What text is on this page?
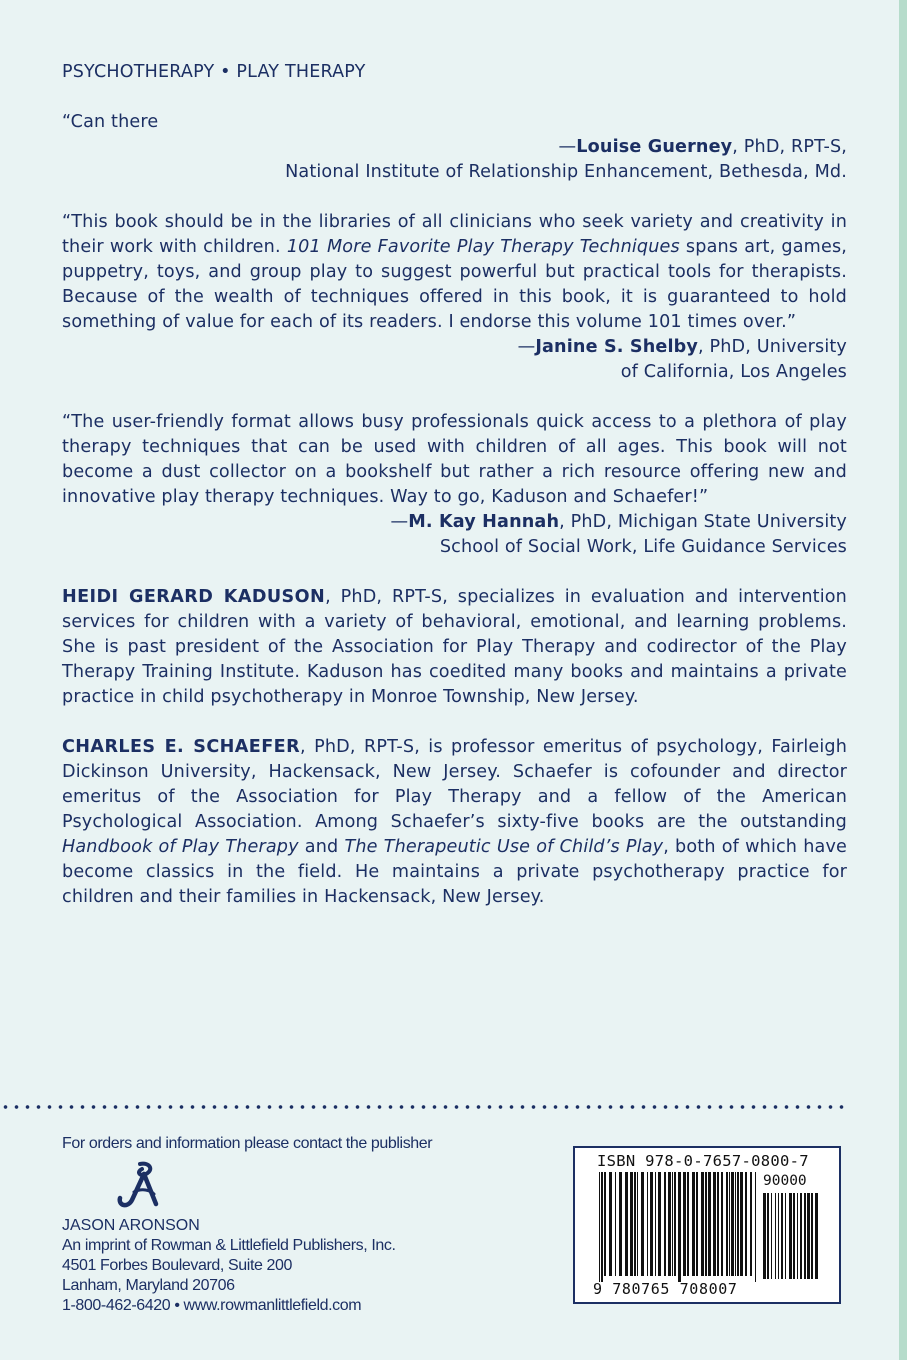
PSYCHOTHERAPY • PLAY THERAPY
“Can there
—Louise Guerney, PhD, RPT-S,
National Institute of Relationship Enhancement, Bethesda, Md.
“This book should be in the libraries of all clinicians who seek variety and creativity in their work with children. 101 More Favorite Play Therapy Techniques spans art, games, puppetry, toys, and group play to suggest powerful but practical tools for therapists. Because of the wealth of techniques offered in this book, it is guaranteed to hold something of value for each of its readers. I endorse this volume 101 times over.”
—Janine S. Shelby, PhD, University
of California, Los Angeles
“The user-friendly format allows busy professionals quick access to a plethora of play therapy techniques that can be used with children of all ages. This book will not become a dust collector on a bookshelf but rather a rich resource offering new and innovative play therapy techniques. Way to go, Kaduson and Schaefer!”
—M. Kay Hannah, PhD, Michigan State University
School of Social Work, Life Guidance Services
HEIDI GERARD KADUSON, PhD, RPT-S, specializes in evaluation and intervention services for children with a variety of behavioral, emotional, and learning problems. She is past president of the Association for Play Therapy and codirector of the Play Therapy Training Institute. Kaduson has coedited many books and maintains a private practice in child psychotherapy in Monroe Township, New Jersey.
CHARLES E. SCHAEFER, PhD, RPT-S, is professor emeritus of psychology, Fairleigh Dickinson University, Hackensack, New Jersey. Schaefer is cofounder and director emeritus of the Association for Play Therapy and a fellow of the American Psychological Association. Among Schaefer’s sixty-five books are the outstanding Handbook of Play Therapy and The Therapeutic Use of Child’s Play, both of which have become classics in the field. He maintains a private psychotherapy practice for children and their families in Hackensack, New Jersey.
For orders and information please contact the publisher
JASON ARONSON
An imprint of Rowman & Littlefield Publishers, Inc.
4501 Forbes Boulevard, Suite 200
Lanham, Maryland 20706
1-800-462-6420 • www.rowmanlittlefield.com
ISBN 978-0-7657-0800-7
90000
9 780765 708007
